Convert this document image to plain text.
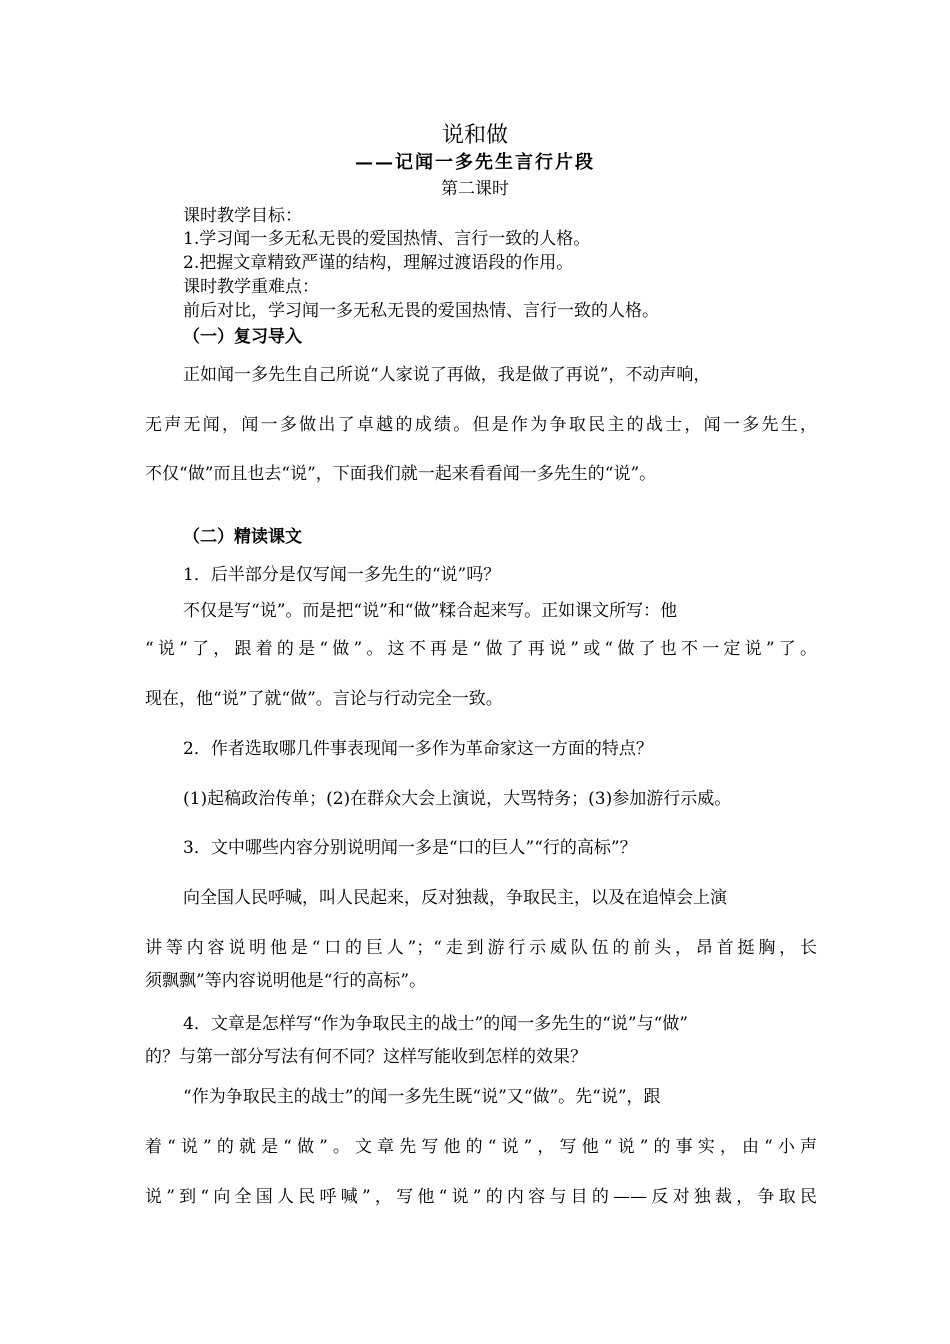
说和做
——记闻一多先生言行片段
第二课时
课时教学目标：
1.学习闻一多无私无畏的爱国热情、言行一致的人格。
2.把握文章精致严谨的结构，理解过渡语段的作用。
课时教学重难点：
前后对比，学习闻一多无私无畏的爱国热情、言行一致的人格。
（一）复习导入
正如闻一多先生自己所说“人家说了再做，我是做了再说”，不动声响，
无声无闻，闻一多做出了卓越的成绩。但是作为争取民主的战士，闻一多先生，
不仅“做”而且也去“说”，下面我们就一起来看看闻一多先生的“说”。
（二）精读课文
1．后半部分是仅写闻一多先生的“说”吗？
不仅是写“说”。而是把“说”和“做”糅合起来写。正如课文所写：他
“说”了，跟着的是“做”。这不再是“做了再说”或“做了也不一定说”了。
现在，他“说”了就“做”。言论与行动完全一致。
2．作者选取哪几件事表现闻一多作为革命家这一方面的特点？
(1)起稿政治传单；(2)在群众大会上演说，大骂特务；(3)参加游行示威。
3．文中哪些内容分别说明闻一多是“口的巨人”“行的高标”？
向全国人民呼喊，叫人民起来，反对独裁，争取民主，以及在追悼会上演
讲等内容说明他是“口的巨人”；“走到游行示威队伍的前头，昂首挺胸，长
须飘飘”等内容说明他是“行的高标”。
4．文章是怎样写“作为争取民主的战士”的闻一多先生的“说”与“做”
的？与第一部分写法有何不同？这样写能收到怎样的效果？
“作为争取民主的战士”的闻一多先生既“说”又“做”。先“说”，跟
着“说”的就是“做”。文章先写他的“说”，写他“说”的事实，由“小声
说”到“向全国人民呼喊”，写他“说”的内容与目的——反对独裁，争取民
